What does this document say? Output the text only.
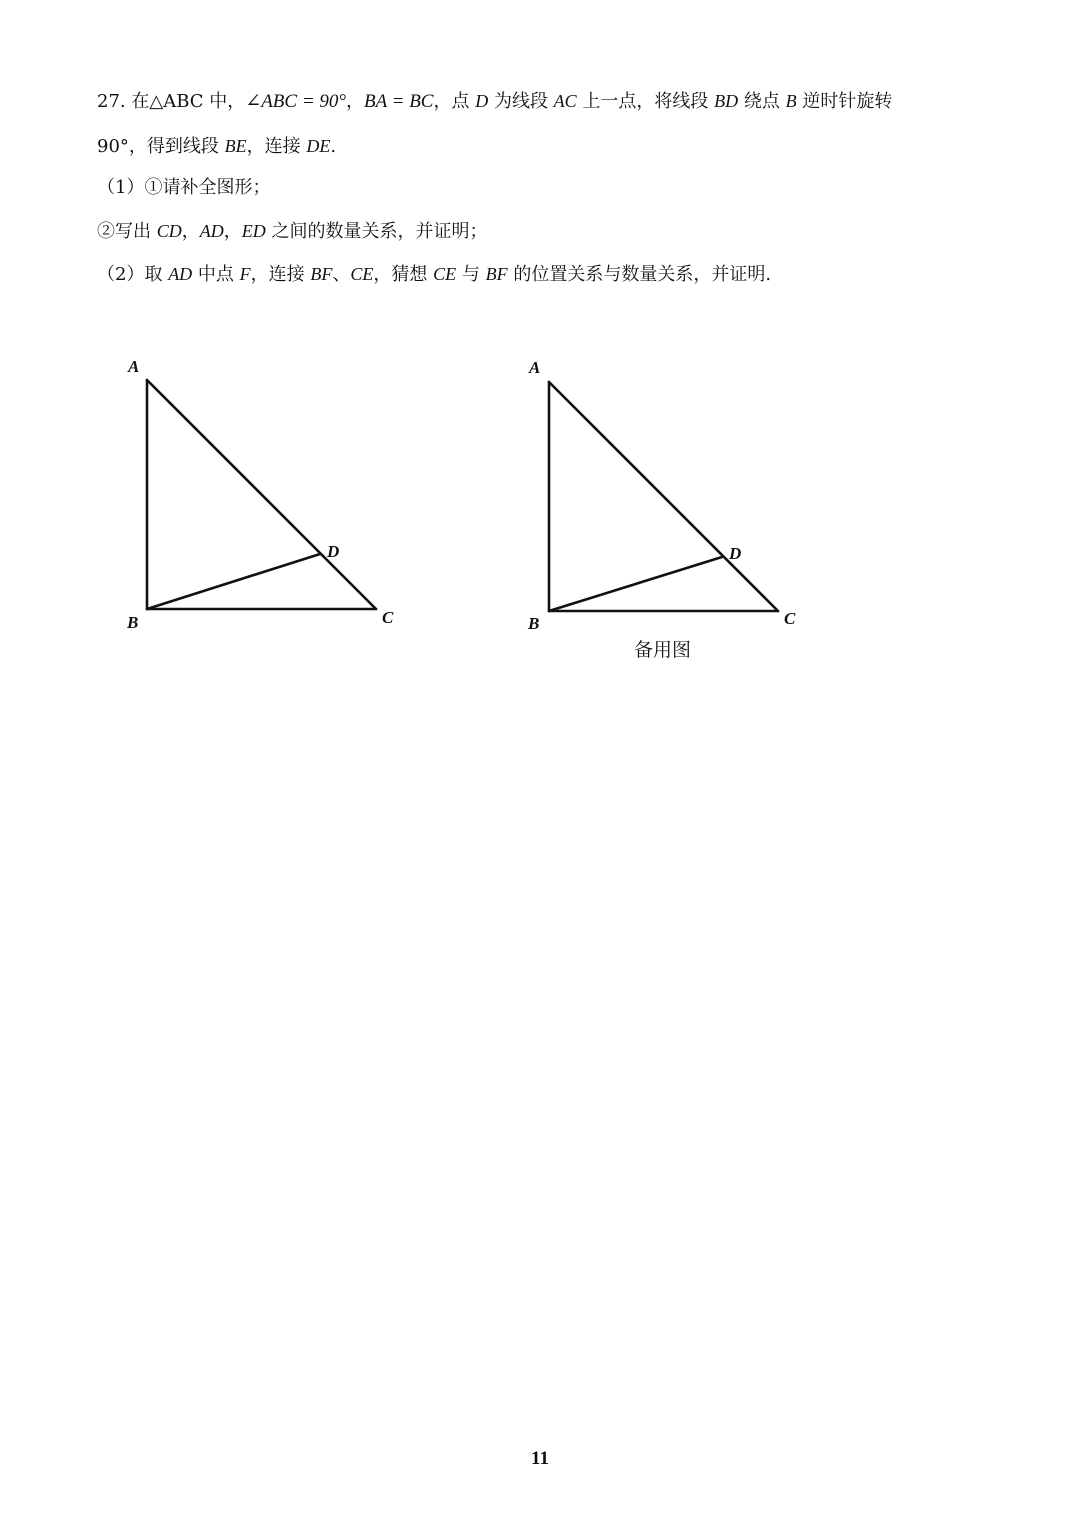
27. 在△ABC 中，∠ABC = 90°，BA = BC，点 D 为线段 AC 上一点，将线段 BD 绕点 B 逆时针旋转
90°，得到线段 BE，连接 DE.
（1）①请补全图形；
②写出 CD，AD，ED 之间的数量关系，并证明；
（2）取 AD 中点 F，连接 BF、CE，猜想 CE 与 BF 的位置关系与数量关系，并证明.
A
B	C
D
A
B	C
D
备用图
11
